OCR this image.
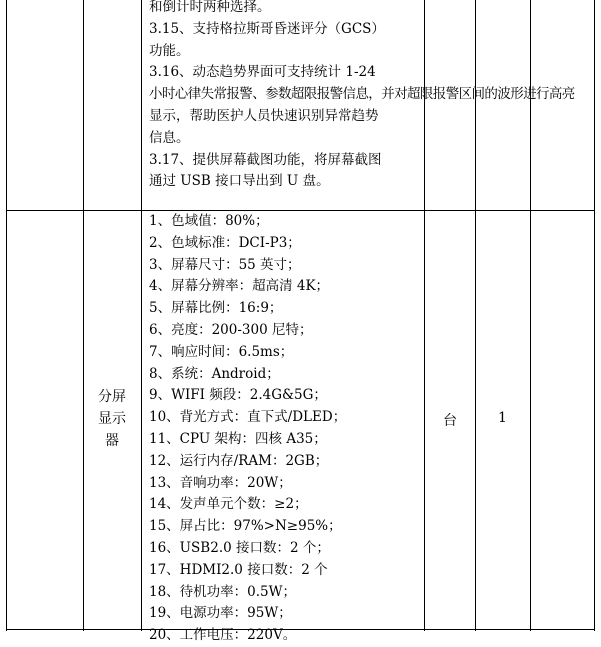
和倒计时两种选择。
3.15、支持格拉斯哥昏迷评分（GCS）
功能。
3.16、动态趋势界面可支持统计 1-24
小时心律失常报警、参数超限报警信息，并对超限报警区间的波形进行高亮
显示，帮助医护人员快速识别异常趋势
信息。
3.17、提供屏幕截图功能，将屏幕截图
通过 USB 接口导出到 U 盘。
分屏
显示
器
1、色域值：80%；
2、色域标准：DCI-P3；
3、屏幕尺寸：55 英寸；
4、屏幕分辨率：超高清 4K；
5、屏幕比例：16:9；
6、亮度：200-300 尼特；
7、响应时间：6.5ms；
8、系统：Android；
9、WIFI 频段：2.4G&5G；
10、背光方式：直下式/DLED；
11、CPU 架构：四核 A35；
12、运行内存/RAM：2GB；
13、音响功率：20W；
14、发声单元个数：≥2；
15、屏占比：97%>N≥95%；
16、USB2.0 接口数：2 个；
17、HDMI2.0 接口数：2 个
18、待机功率：0.5W；
19、电源功率：95W；
20、工作电压：220V。
台	1
